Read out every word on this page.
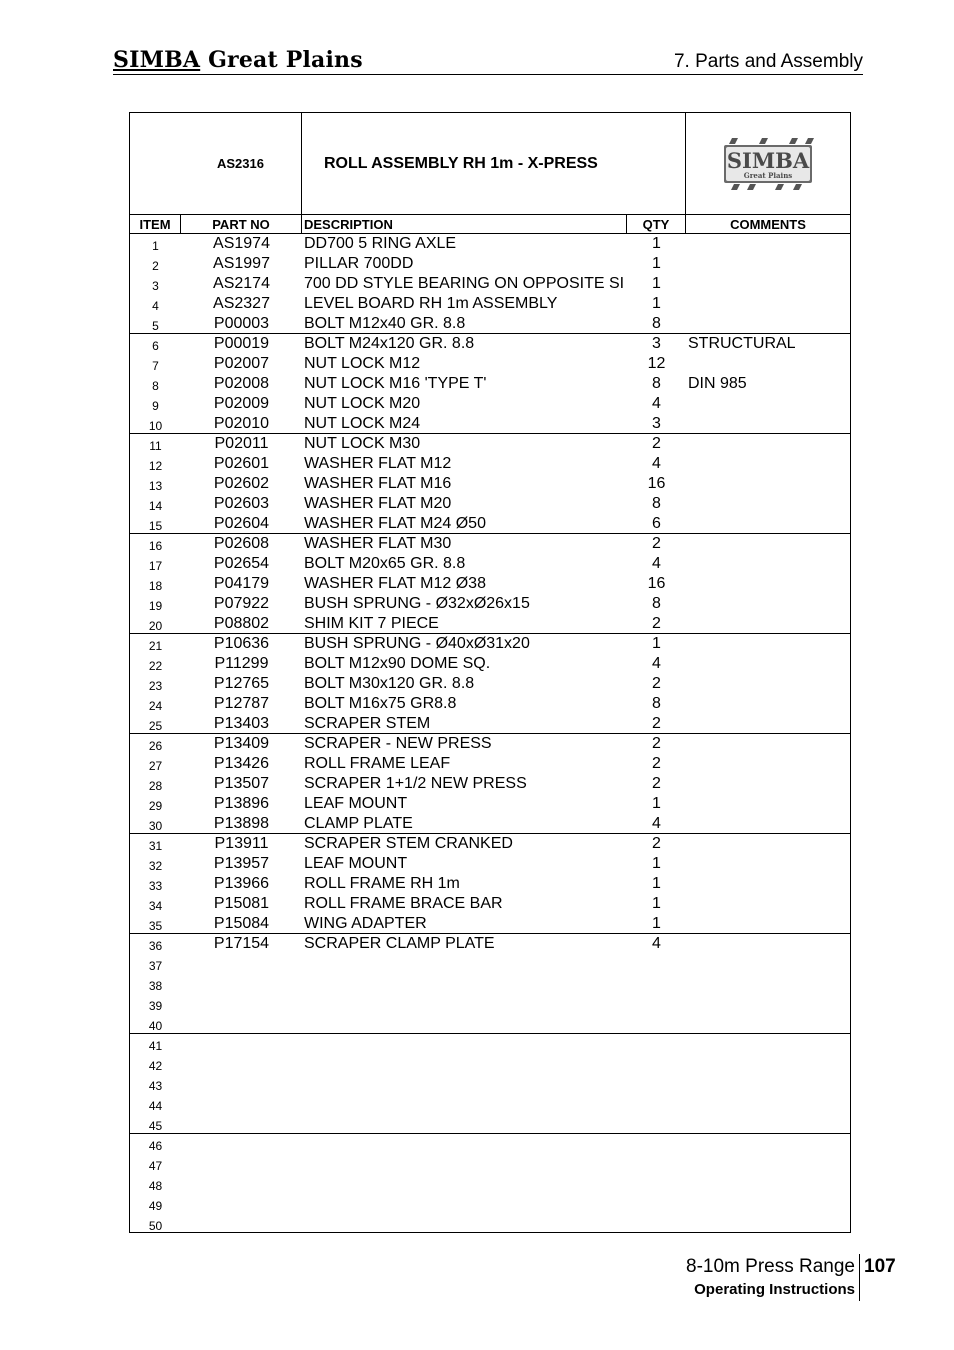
SIMBA Great Plains	7. Parts and Assembly
AS2316	ROLL ASSEMBLY RH 1m - X-PRESS	SIMBA
Great Plains
ITEM	PART NO	DESCRIPTION	QTY	COMMENTS
1	AS1974	DD700 5 RING AXLE	1
2	AS1997	PILLAR 700DD	1
3	AS2174	700 DD STYLE BEARING ON OPPOSITE SI	1
4	AS2327	LEVEL BOARD RH 1m ASSEMBLY	1
5	P00003	BOLT M12x40 GR. 8.8	8
6	P00019	BOLT M24x120 GR. 8.8	3	STRUCTURAL
7	P02007	NUT LOCK M12	12
8	P02008	NUT LOCK M16 'TYPE T'	8	DIN 985
9	P02009	NUT LOCK M20	4
10	P02010	NUT LOCK M24	3
11	P02011	NUT LOCK M30	2
12	P02601	WASHER FLAT M12	4
13	P02602	WASHER FLAT M16	16
14	P02603	WASHER FLAT M20	8
15	P02604	WASHER FLAT M24 Ø50	6
16	P02608	WASHER FLAT M30	2
17	P02654	BOLT M20x65 GR. 8.8	4
18	P04179	WASHER FLAT M12 Ø38	16
19	P07922	BUSH SPRUNG - Ø32xØ26x15	8
20	P08802	SHIM KIT 7 PIECE	2
21	P10636	BUSH SPRUNG - Ø40xØ31x20	1
22	P11299	BOLT M12x90 DOME SQ.	4
23	P12765	BOLT M30x120 GR. 8.8	2
24	P12787	BOLT M16x75 GR8.8	8
25	P13403	SCRAPER STEM	2
26	P13409	SCRAPER - NEW PRESS	2
27	P13426	ROLL FRAME LEAF	2
28	P13507	SCRAPER 1+1/2 NEW PRESS	2
29	P13896	LEAF MOUNT	1
30	P13898	CLAMP PLATE	4
31	P13911	SCRAPER STEM CRANKED	2
32	P13957	LEAF MOUNT	1
33	P13966	ROLL FRAME RH 1m	1
34	P15081	ROLL FRAME BRACE BAR	1
35	P15084	WING ADAPTER	1
36	P17154	SCRAPER CLAMP PLATE	4
37
38
39
40
41
42
43
44
45
46
47
48
49
50
8-10m Press Range
Operating Instructions
107
